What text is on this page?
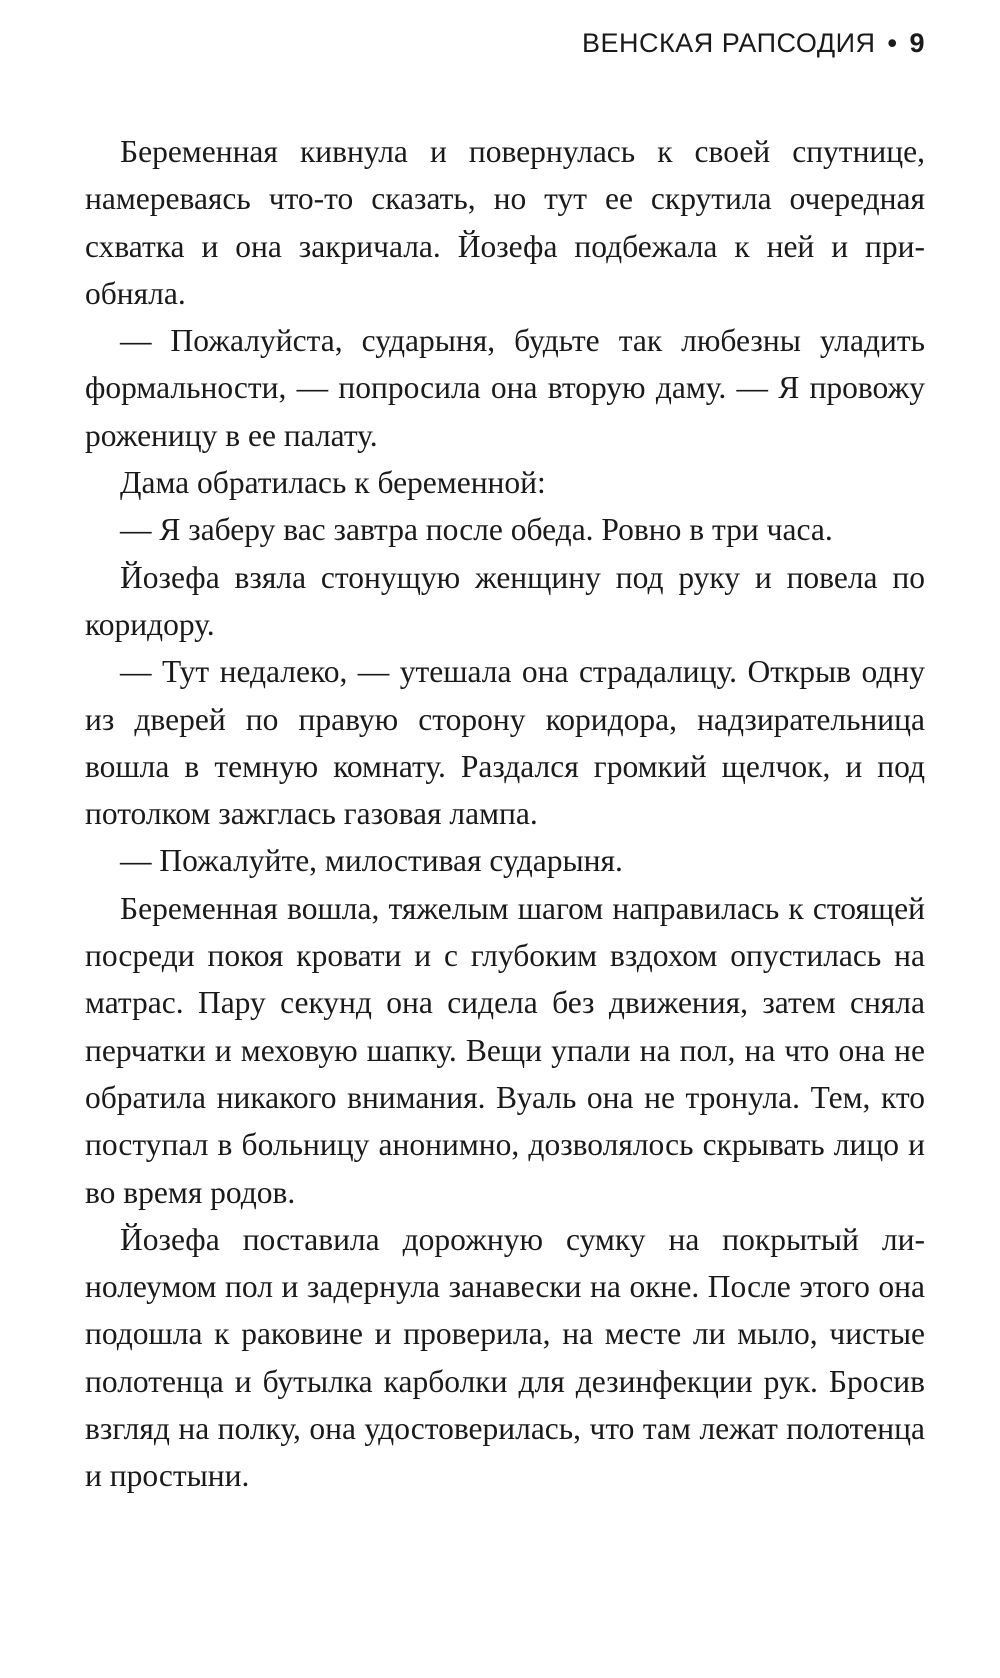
ВЕНСКАЯ РАПСОДИЯ • 9

Беременная кивнула и повернулась к своей спутнице, намереваясь что-то сказать, но тут ее скрутила очередная схватка и она закричала. Йозефа подбежала к ней и приобняла.

— Пожалуйста, сударыня, будьте так любезны уладить формальности, — попросила она вторую даму. — Я провожу роженицу в ее палату.

Дама обратилась к беременной:

— Я заберу вас завтра после обеда. Ровно в три часа.

Йозефа взяла стонущую женщину под руку и повела по коридору.

— Тут недалеко, — утешала она страдалицу. Открыв одну из дверей по правую сторону коридора, надзирательница вошла в темную комнату. Раздался громкий щелчок, и под потолком зажглась газовая лампа.

— Пожалуйте, милостивая сударыня.

Беременная вошла, тяжелым шагом направилась к стоящей посреди покоя кровати и с глубоким вздохом опустилась на матрас. Пару секунд она сидела без движения, затем сняла перчатки и меховую шапку. Вещи упали на пол, на что она не обратила никакого внимания. Вуаль она не тронула. Тем, кто поступал в больницу анонимно, дозволялось скрывать лицо и во время родов.

Йозефа поставила дорожную сумку на покрытый линолеумом пол и задернула занавески на окне. После этого она подошла к раковине и проверила, на месте ли мыло, чистые полотенца и бутылка карболки для дезинфекции рук. Бросив взгляд на полку, она удостоверилась, что там лежат полотенца и простыни.
